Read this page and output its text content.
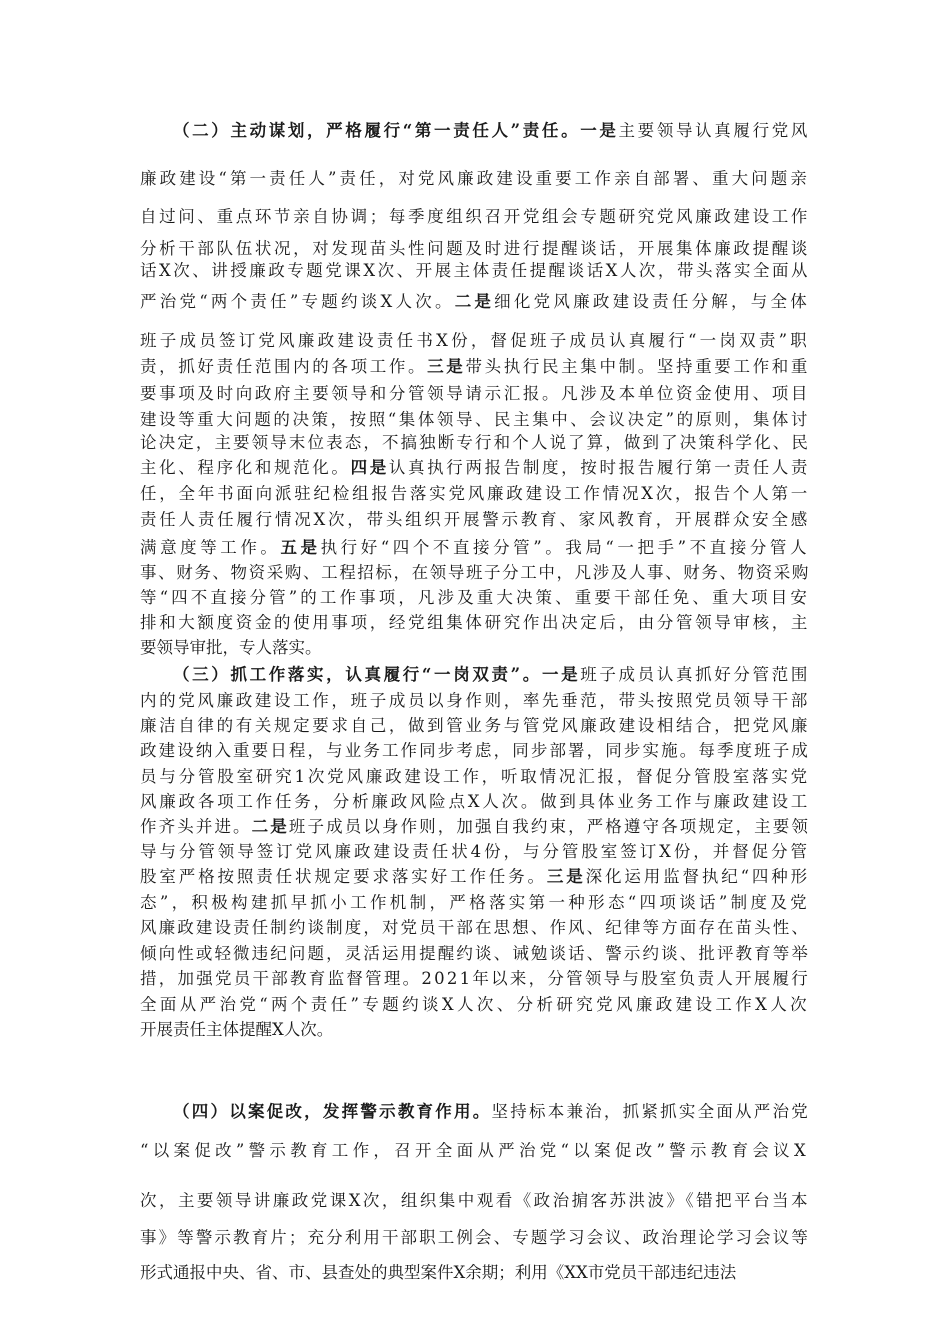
（二）主动谋划，严格履行“第一责任人”责任。一是主要领导认真履行党风
廉政建设“第一责任人”责任，对党风廉政建设重要工作亲自部署、重大问题亲
自过问、重点环节亲自协调；每季度组织召开党组会专题研究党风廉政建设工作
分析干部队伍状况，对发现苗头性问题及时进行提醒谈话，开展集体廉政提醒谈
话X次、讲授廉政专题党课X次、开展主体责任提醒谈话X人次，带头落实全面从
严治党“两个责任”专题约谈X人次。二是细化党风廉政建设责任分解，与全体
班子成员签订党风廉政建设责任书X份，督促班子成员认真履行“一岗双责”职
责，抓好责任范围内的各项工作。三是带头执行民主集中制。坚持重要工作和重
要事项及时向政府主要领导和分管领导请示汇报。凡涉及本单位资金使用、项目
建设等重大问题的决策，按照“集体领导、民主集中、会议决定”的原则，集体讨
论决定，主要领导末位表态，不搞独断专行和个人说了算，做到了决策科学化、民
主化、程序化和规范化。四是认真执行两报告制度，按时报告履行第一责任人责
任，全年书面向派驻纪检组报告落实党风廉政建设工作情况X次，报告个人第一
责任人责任履行情况X次，带头组织开展警示教育、家风教育，开展群众安全感
满意度等工作。五是执行好“四个不直接分管”。我局“一把手”不直接分管人
事、财务、物资采购、工程招标，在领导班子分工中，凡涉及人事、财务、物资采购
等“四不直接分管”的工作事项，凡涉及重大决策、重要干部任免、重大项目安
排和大额度资金的使用事项，经党组集体研究作出决定后，由分管领导审核，主
要领导审批，专人落实。
（三）抓工作落实，认真履行“一岗双责”。一是班子成员认真抓好分管范围
内的党风廉政建设工作，班子成员以身作则，率先垂范，带头按照党员领导干部
廉洁自律的有关规定要求自己，做到管业务与管党风廉政建设相结合，把党风廉
政建设纳入重要日程，与业务工作同步考虑，同步部署，同步实施。每季度班子成
员与分管股室研究1次党风廉政建设工作，听取情况汇报，督促分管股室落实党
风廉政各项工作任务，分析廉政风险点X人次。做到具体业务工作与廉政建设工
作齐头并进。二是班子成员以身作则，加强自我约束，严格遵守各项规定，主要领
导与分管领导签订党风廉政建设责任状4份，与分管股室签订X份，并督促分管
股室严格按照责任状规定要求落实好工作任务。三是深化运用监督执纪“四种形
态”，积极构建抓早抓小工作机制，严格落实第一种形态“四项谈话”制度及党
风廉政建设责任制约谈制度，对党员干部在思想、作风、纪律等方面存在苗头性、
倾向性或轻微违纪问题，灵活运用提醒约谈、诫勉谈话、警示约谈、批评教育等举
措，加强党员干部教育监督管理。2021年以来，分管领导与股室负责人开展履行
全面从严治党“两个责任”专题约谈X人次、分析研究党风廉政建设工作X人次
开展责任主体提醒X人次。
（四）以案促改，发挥警示教育作用。坚持标本兼治，抓紧抓实全面从严治党
“以案促改”警示教育工作，召开全面从严治党“以案促改”警示教育会议X
次，主要领导讲廉政党课X次，组织集中观看《政治掮客苏洪波》《错把平台当本
事》等警示教育片；充分利用干部职工例会、专题学习会议、政治理论学习会议等
形式通报中央、省、市、县查处的典型案件X余期；利用《XX市党员干部违纪违法
